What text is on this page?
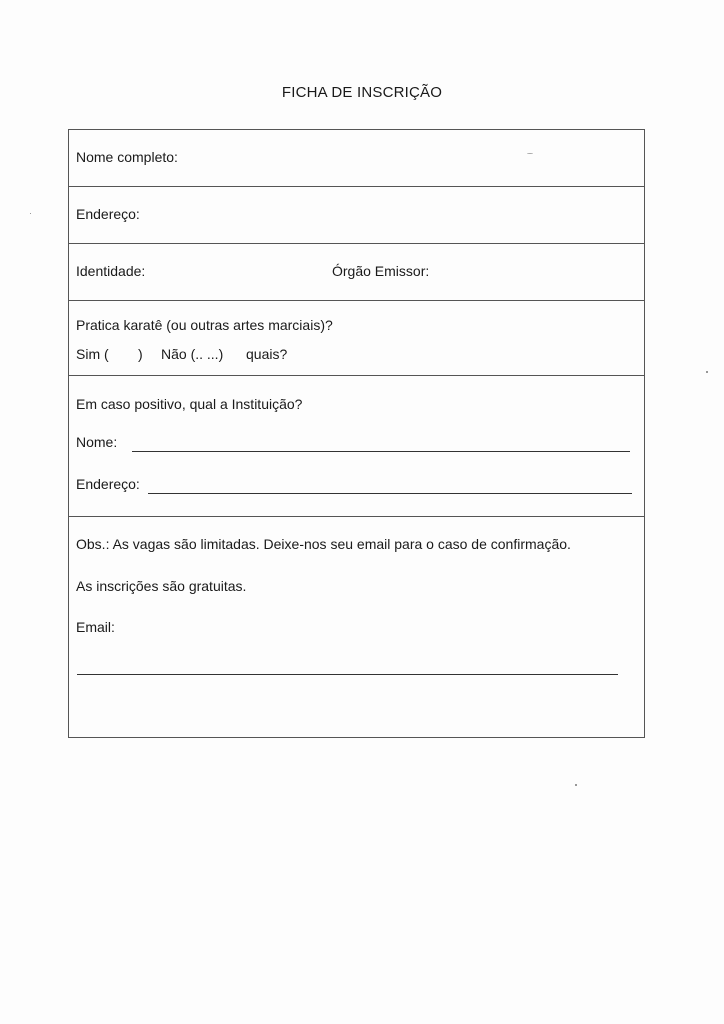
FICHA DE INSCRIÇÃO
Nome completo:
Endereço:
Identidade:	Órgão Emissor:
Pratica karatê (ou outras artes marciais)?
Sim ( ) Não (.. ...) quais?
Em caso positivo, qual a Instituição?
Nome:
Endereço:
Obs.: As vagas são limitadas. Deixe-nos seu email para o caso de confirmação.
As inscrições são gratuitas.
Email:
